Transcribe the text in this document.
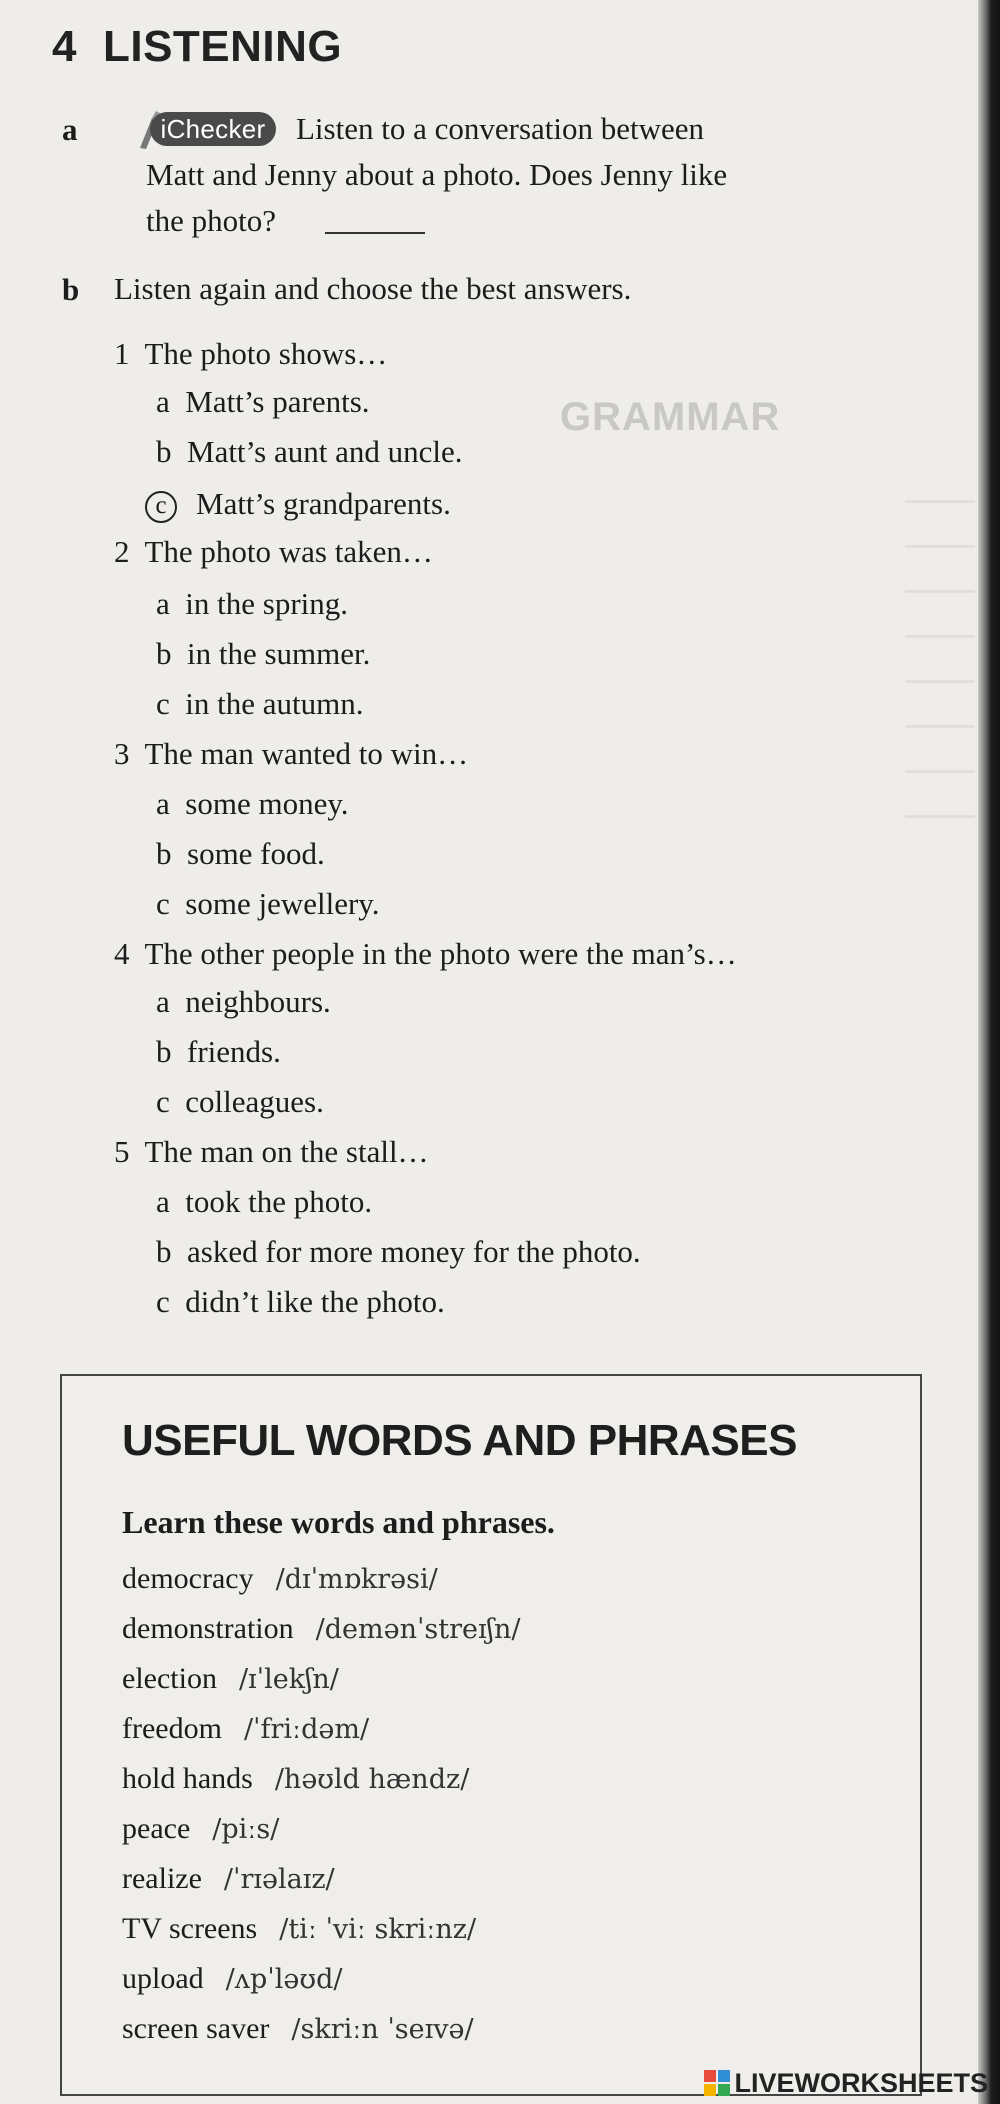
GRAMMAR
4 LISTENING
a	iChecker Listen to a conversation between
Matt and Jenny about a photo. Does Jenny like
the photo?
b Listen again and choose the best answers.
1 The photo shows…
a Matt’s parents.
b Matt’s aunt and uncle.
c Matt’s grandparents.
2 The photo was taken…
a in the spring.
b in the summer.
c in the autumn.
3 The man wanted to win…
a some money.
b some food.
c some jewellery.
4 The other people in the photo were the man’s…
a neighbours.
b friends.
c colleagues.
5 The man on the stall…
a took the photo.
b asked for more money for the photo.
c didn’t like the photo.
USEFUL WORDS AND PHRASES
Learn these words and phrases.
democracy /dɪˈmɒkrəsi/
demonstration /demənˈstreɪʃn/
election /ɪˈlekʃn/
freedom /ˈfriːdəm/
hold hands /həʊld hændz/
peace /piːs/
realize /ˈrɪəlaɪz/
TV screens /tiː ˈviː skriːnz/
upload /ʌpˈləʊd/
screen saver /skriːn ˈseɪvə/
LIVEWORKSHEETS
